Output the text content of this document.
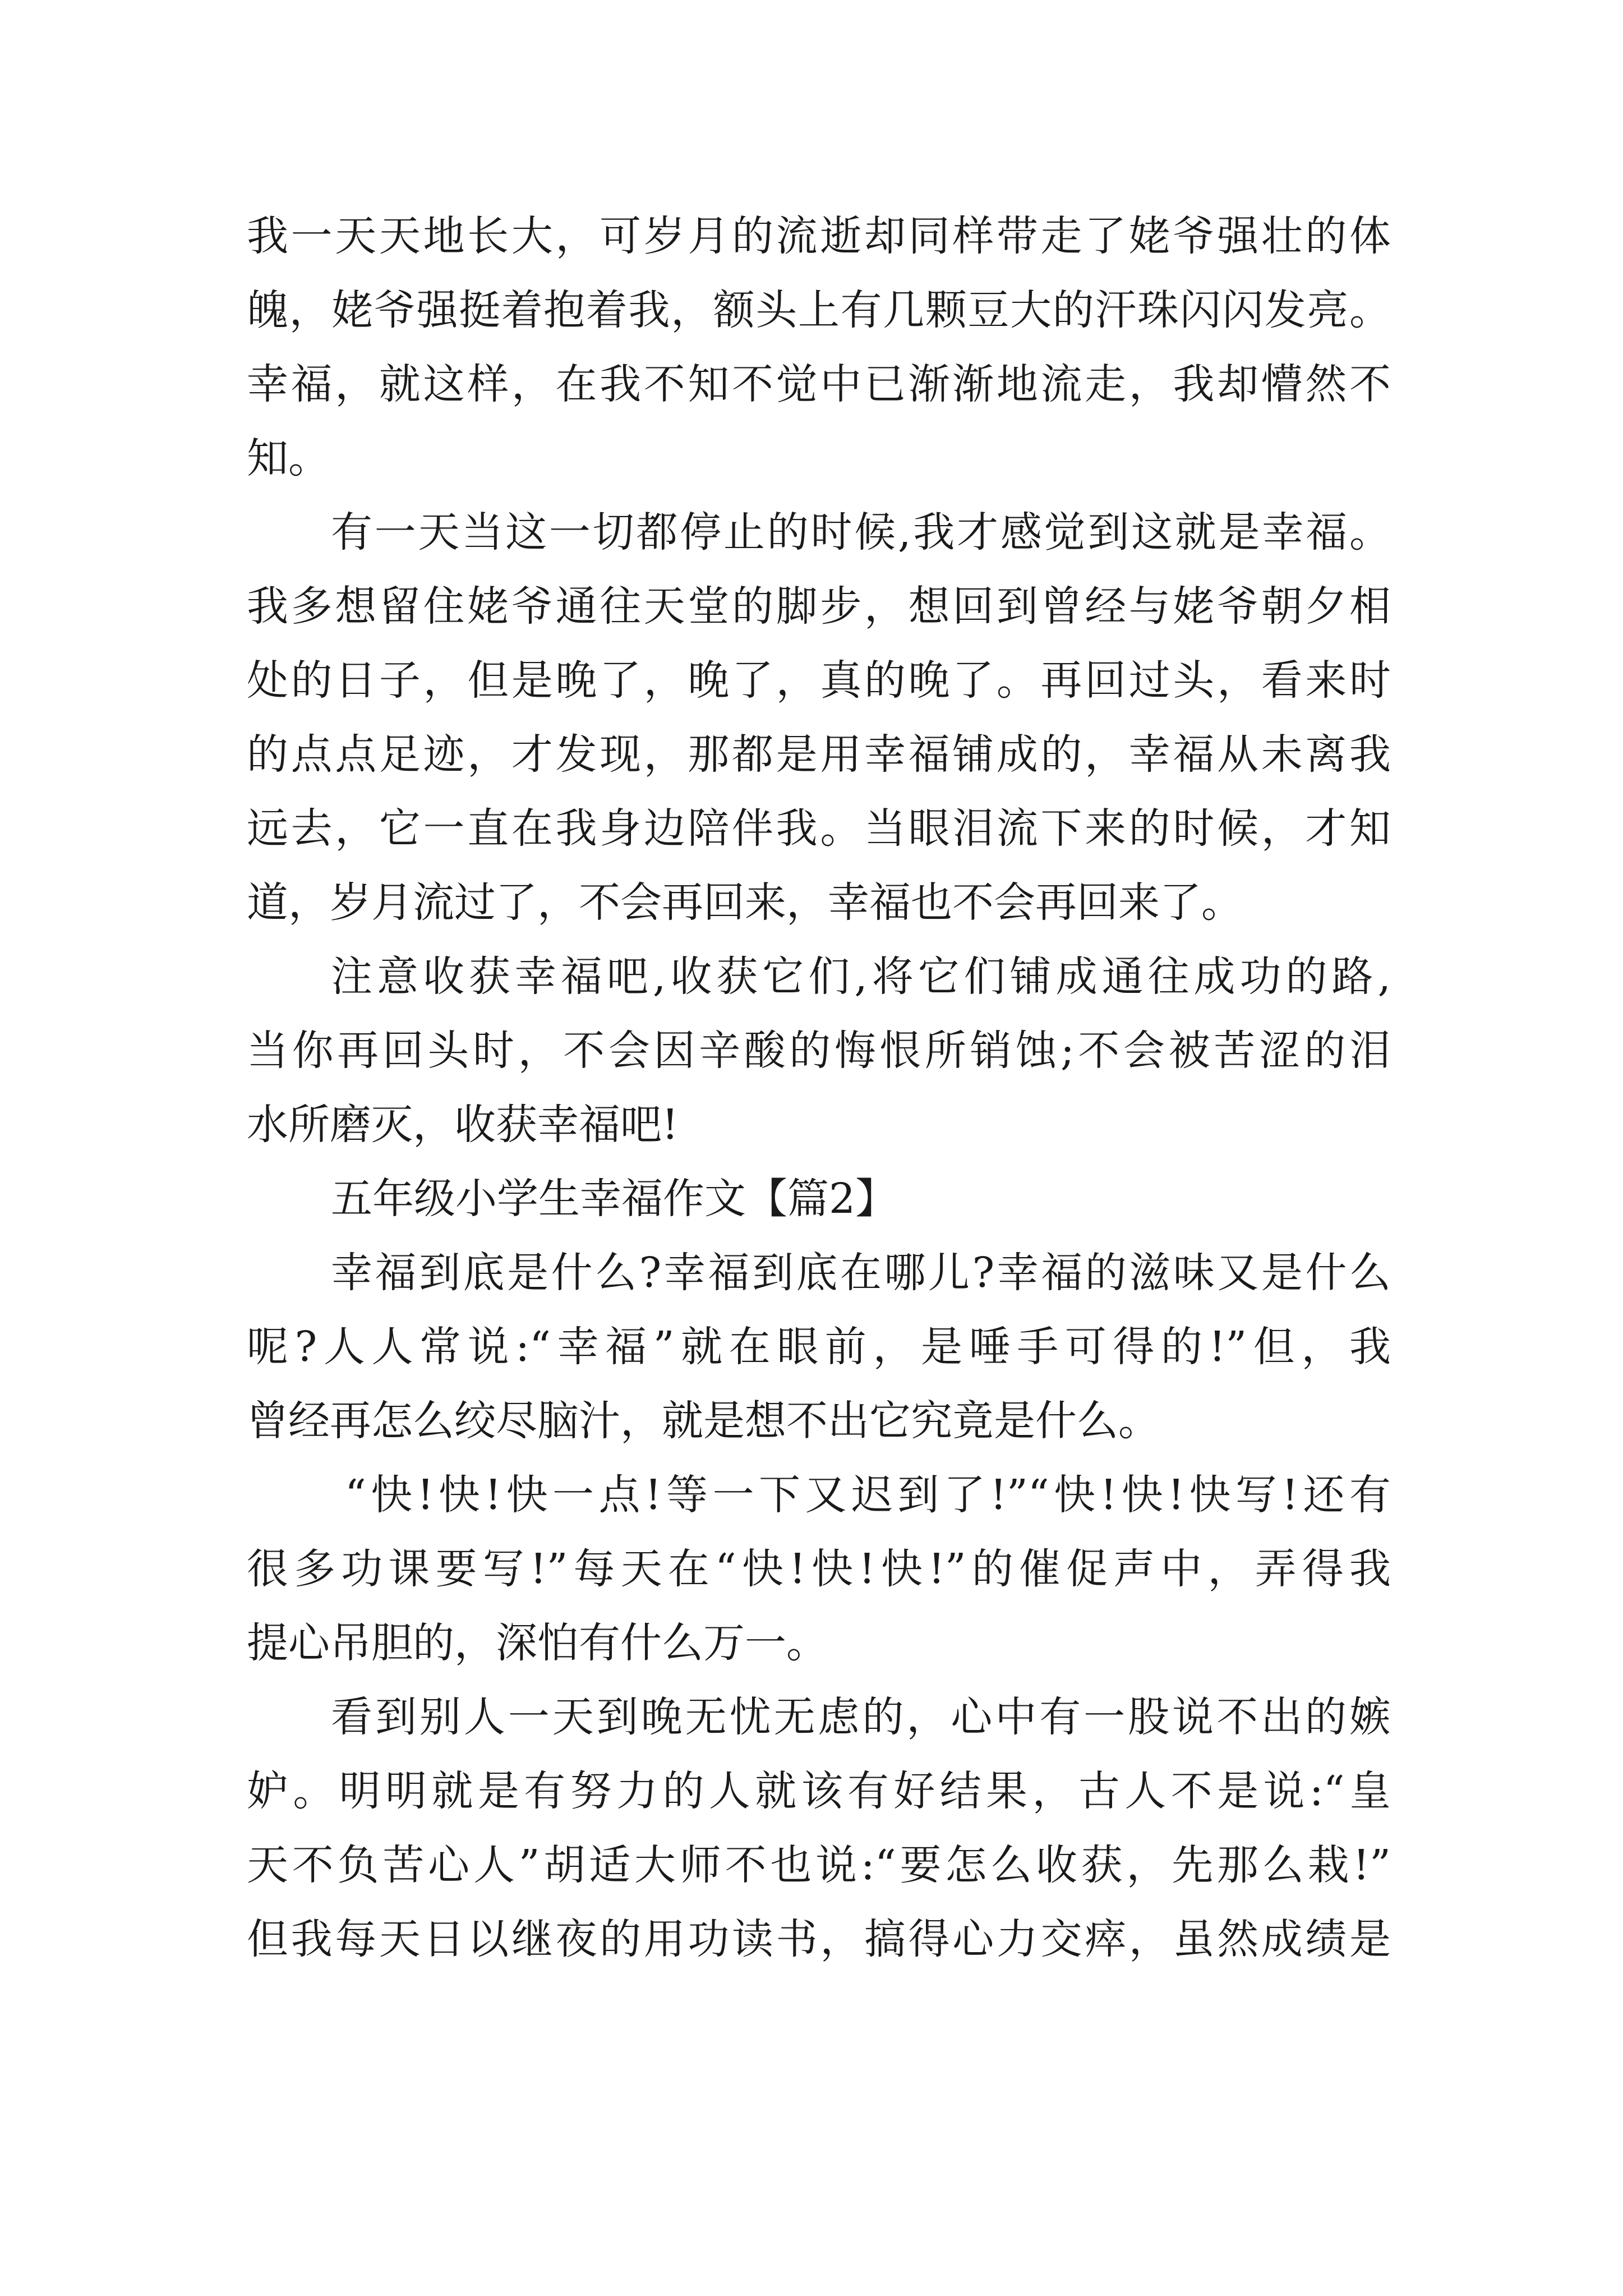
我一天天地长大，可岁月的流逝却同样带走了姥爷强壮的体
魄，姥爷强挺着抱着我，额头上有几颗豆大的汗珠闪闪发亮。
幸福，就这样，在我不知不觉中已渐渐地流走，我却懵然不
知。
有一天当这一切都停止的时候,我才感觉到这就是幸福。
我多想留住姥爷通往天堂的脚步，想回到曾经与姥爷朝夕相
处的日子，但是晚了，晚了，真的晚了。再回过头，看来时
的点点足迹，才发现，那都是用幸福铺成的，幸福从未离我
远去，它一直在我身边陪伴我。当眼泪流下来的时候，才知
道，岁月流过了，不会再回来，幸福也不会再回来了。
注意收获幸福吧,收获它们,将它们铺成通往成功的路,
当你再回头时，不会因辛酸的悔恨所销蚀;不会被苦涩的泪
水所磨灭，收获幸福吧!
五年级小学生幸福作文【篇2】
幸福到底是什么?幸福到底在哪儿?幸福的滋味又是什么
呢?人人常说:“幸福”就在眼前，是唾手可得的!”但，我
曾经再怎么绞尽脑汁，就是想不出它究竟是什么。
“快!快!快一点!等一下又迟到了!”“快!快!快写!还有
很多功课要写!”每天在“快!快!快!”的催促声中，弄得我
提心吊胆的，深怕有什么万一。
看到别人一天到晚无忧无虑的，心中有一股说不出的嫉
妒。明明就是有努力的人就该有好结果，古人不是说:“皇
天不负苦心人”胡适大师不也说:“要怎么收获，先那么栽!”
但我每天日以继夜的用功读书，搞得心力交瘁，虽然成绩是
